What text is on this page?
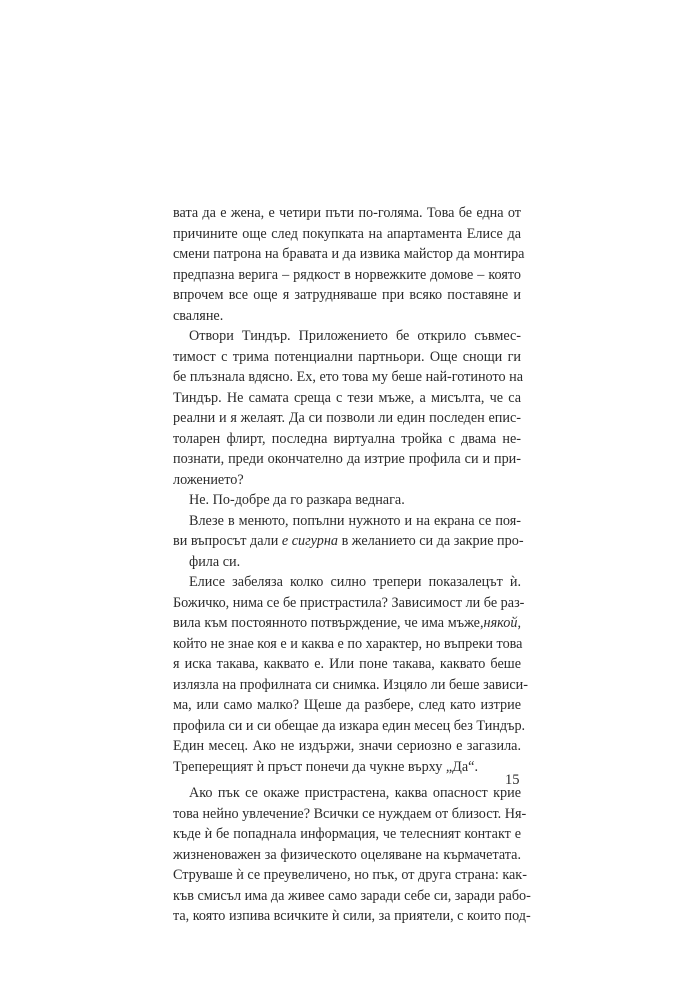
вата да е жена, е четири пъти по-голяма. Това бе една от
причините още след покупката на апартамента Елисе да
смени патрона на бравата и да извика майстор да монтира
предпазна верига – рядкост в норвежките домове – която
впрочем все още я затрудняваше при всяко поставяне и
сваляне.
Отвори Тиндър. Приложението бе открило съвмес-
тимост с трима потенциални партньори. Още снощи ги
бе плъзнала вдясно. Ех, ето това му беше най-готиното на
Тиндър. Не самата среща с тези мъже, а мисълта, че са
реални и я желаят. Да си позволи ли един последен епис-
толарен флирт, последна виртуална тройка с двама не-
познати, преди окончателно да изтрие профила си и при-
ложението?
Не. По-добре да го разкара веднага.
Влезе в менюто, попълни нужното и на екрана се поя-
ви въпросът дали е сигурна в желанието си да закрие про-
фила си.
Елисе забеляза колко силно трепери показалецът ѝ.
Божичко, нима се бе пристрастила? Зависимост ли бе раз-
вила към постоянното потвърждение, че има мъже,някой,
който не знае коя е и каква е по характер, но въпреки това
я иска такава, каквато е. Или поне такава, каквато беше
излязла на профилната си снимка. Изцяло ли беше зависи-
ма, или само малко? Щеше да разбере, след като изтрие
профила си и си обещае да изкара един месец без Тиндър.
Един месец. Ако не издържи, значи сериозно е загазила.
Треперещият ѝ пръст понечи да чукне върху „Да“.
Ако пък се окаже пристрастена, каква опасност крие
това нейно увлечение? Всички се нуждаем от близост. Ня-
къде ѝ бе попаднала информация, че телесният контакт е
жизненоважен за физическото оцеляване на кърмачетата.
Струваше ѝ се преувеличено, но пък, от друга страна: как-
къв смисъл има да живее само заради себе си, заради рабо-
та, която изпива всичките ѝ сили, за приятели, с които под-
15
